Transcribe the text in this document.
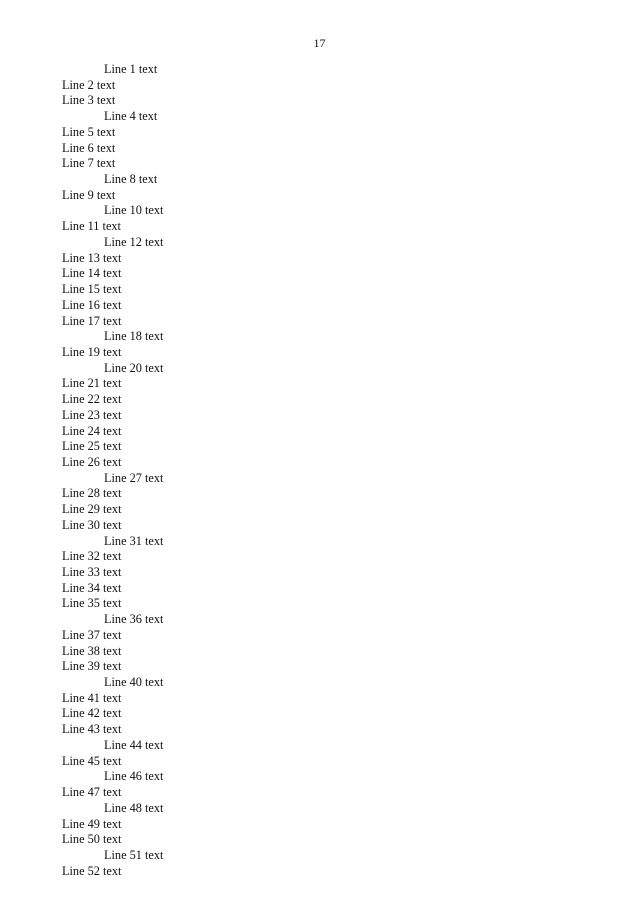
17
Line 1 text
Line 2 text
Line 3 text
Line 4 text
Line 5 text
Line 6 text
Line 7 text
Line 8 text
Line 9 text
Line 10 text
Line 11 text
Line 12 text
Line 13 text
Line 14 text
Line 15 text
Line 16 text
Line 17 text
Line 18 text
Line 19 text
Line 20 text
Line 21 text
Line 22 text
Line 23 text
Line 24 text
Line 25 text
Line 26 text
Line 27 text
Line 28 text
Line 29 text
Line 30 text
Line 31 text
Line 32 text
Line 33 text
Line 34 text
Line 35 text
Line 36 text
Line 37 text
Line 38 text
Line 39 text
Line 40 text
Line 41 text
Line 42 text
Line 43 text
Line 44 text
Line 45 text
Line 46 text
Line 47 text
Line 48 text
Line 49 text
Line 50 text
Line 51 text
Line 52 text
